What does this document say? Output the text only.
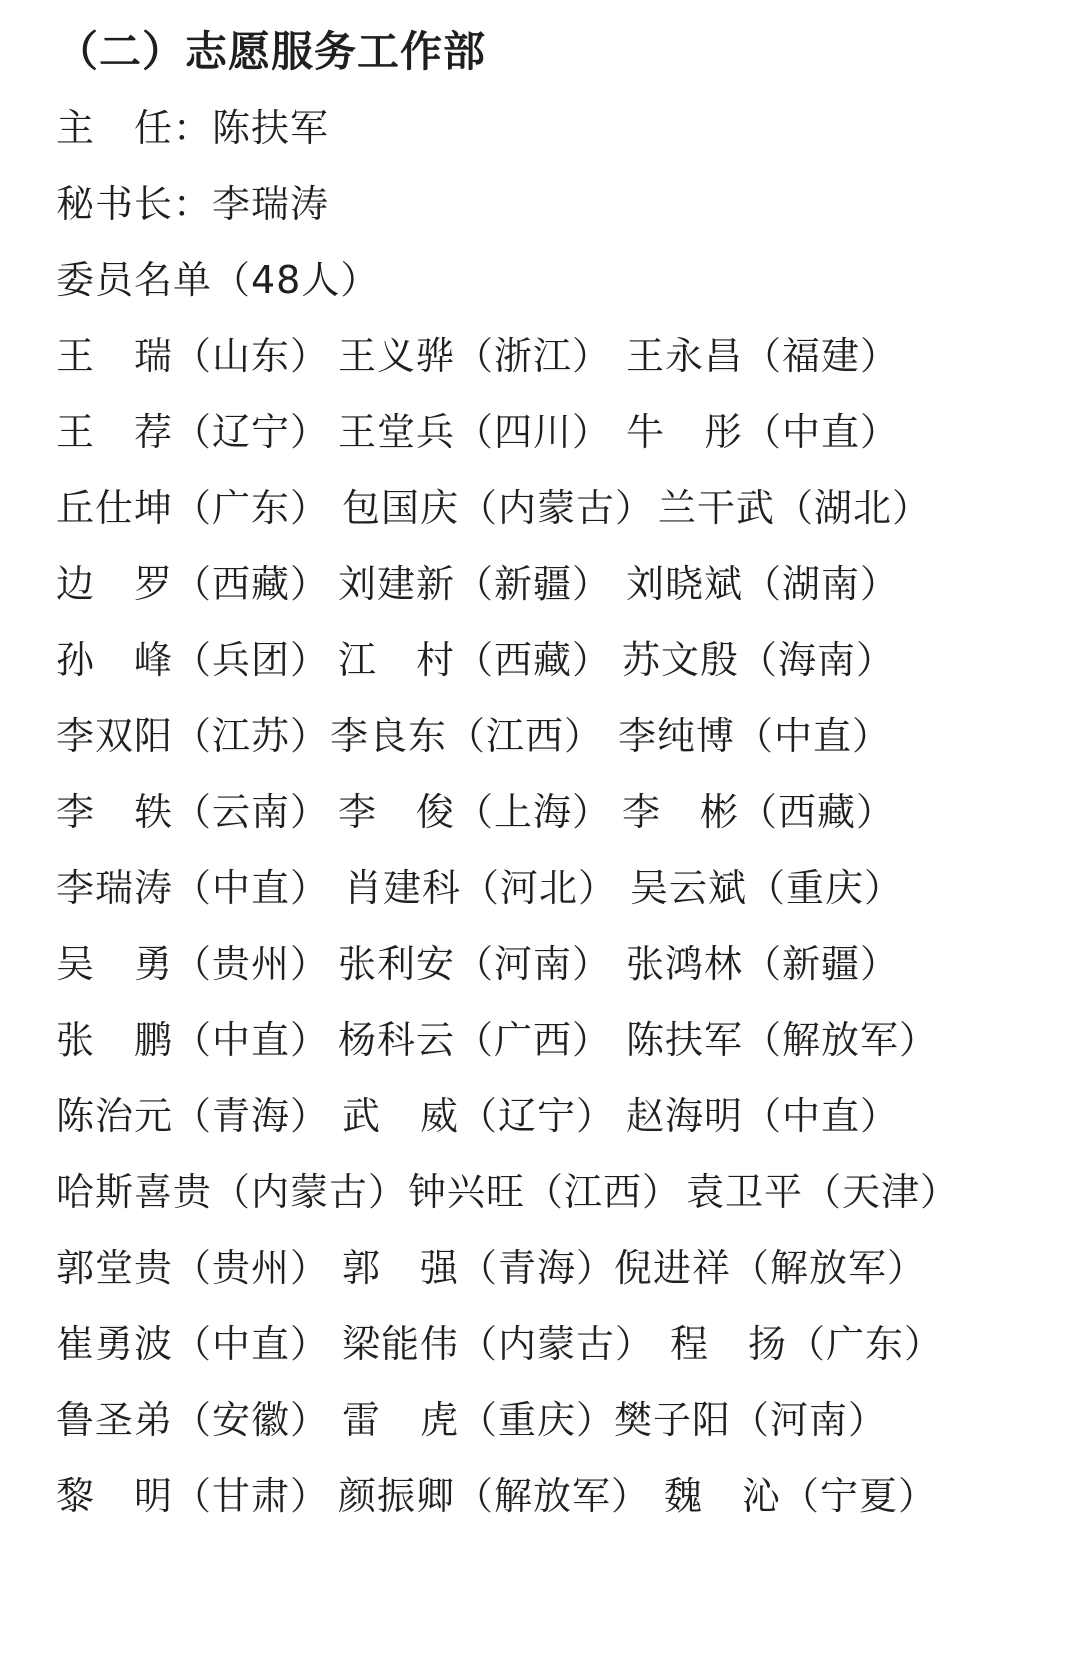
（二）志愿服务工作部
主　任：陈扶军
秘书长：李瑞涛
委员名单（48人）
王　瑞（山东） 王义骅（浙江） 王永昌（福建）
王　荐（辽宁） 王堂兵（四川） 牛　彤（中直）
丘仕坤（广东） 包国庆（内蒙古） 兰干武（湖北）
边　罗（西藏） 刘建新（新疆） 刘晓斌（湖南）
孙　峰（兵团） 江　村（西藏） 苏文殷（海南）
李双阳（江苏） 李良东（江西） 李纯博（中直）
李　轶（云南） 李　俊（上海） 李　彬（西藏）
李瑞涛（中直） 肖建科（河北） 吴云斌（重庆）
吴　勇（贵州） 张利安（河南） 张鸿林（新疆）
张　鹏（中直） 杨科云（广西） 陈扶军（解放军）
陈治元（青海） 武　威（辽宁） 赵海明（中直）
哈斯喜贵（内蒙古） 钟兴旺（江西） 袁卫平（天津）
郭堂贵（贵州） 郭　强（青海）
倪进祥（解放军）
崔勇波（中直） 梁能伟（内蒙古） 程　扬（广东）
鲁圣弟（安徽） 雷　虎（重庆）
樊子阳（河南）
黎　明（甘肃） 颜振卿（解放军） 魏　沁（宁夏）
